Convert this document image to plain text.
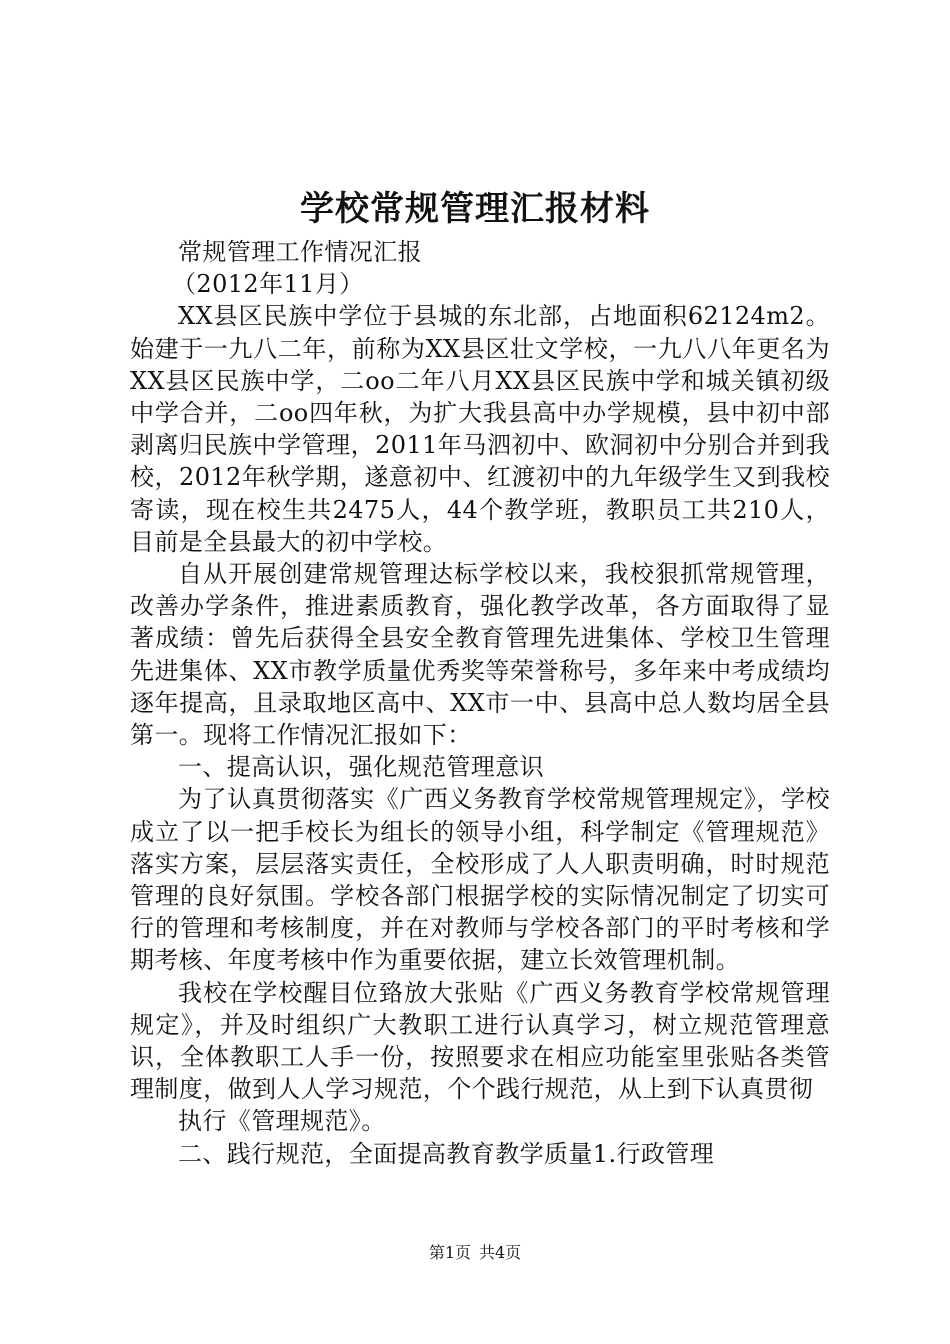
学校常规管理汇报材料

常规管理工作情况汇报

（2012年11月）

XX县区民族中学位于县城的东北部，占地面积62124m2。始建于一九八二年，前称为XX县区壮文学校，一九八八年更名为XX县区民族中学，二oo二年八月XX县区民族中学和城关镇初级中学合并，二oo四年秋，为扩大我县高中办学规模，县中初中部剥离归民族中学管理，2011年马泗初中、欧洞初中分别合并到我校，2012年秋学期，遂意初中、红渡初中的九年级学生又到我校寄读，现在校生共2475人，44个教学班，教职员工共210人，目前是全县最大的初中学校。

自从开展创建常规管理达标学校以来，我校狠抓常规管理，改善办学条件，推进素质教育，强化教学改革，各方面取得了显著成绩：曾先后获得全县安全教育管理先进集体、学校卫生管理先进集体、XX市教学质量优秀奖等荣誉称号，多年来中考成绩均逐年提高，且录取地区高中、XX市一中、县高中总人数均居全县第一。现将工作情况汇报如下：

一、提高认识，强化规范管理意识

为了认真贯彻落实《广西义务教育学校常规管理规定》，学校成立了以一把手校长为组长的领导小组，科学制定《管理规范》落实方案，层层落实责任，全校形成了人人职责明确，时时规范管理的良好氛围。学校各部门根据学校的实际情况制定了切实可行的管理和考核制度，并在对教师与学校各部门的平时考核和学期考核、年度考核中作为重要依据，建立长效管理机制。

我校在学校醒目位臵放大张贴《广西义务教育学校常规管理规定》，并及时组织广大教职工进行认真学习，树立规范管理意识，全体教职工人手一份，按照要求在相应功能室里张贴各类管理制度，做到人人学习规范，个个践行规范，从上到下认真贯彻

执行《管理规范》。

二、践行规范，全面提高教育教学质量1.行政管理

第1页 共4页
